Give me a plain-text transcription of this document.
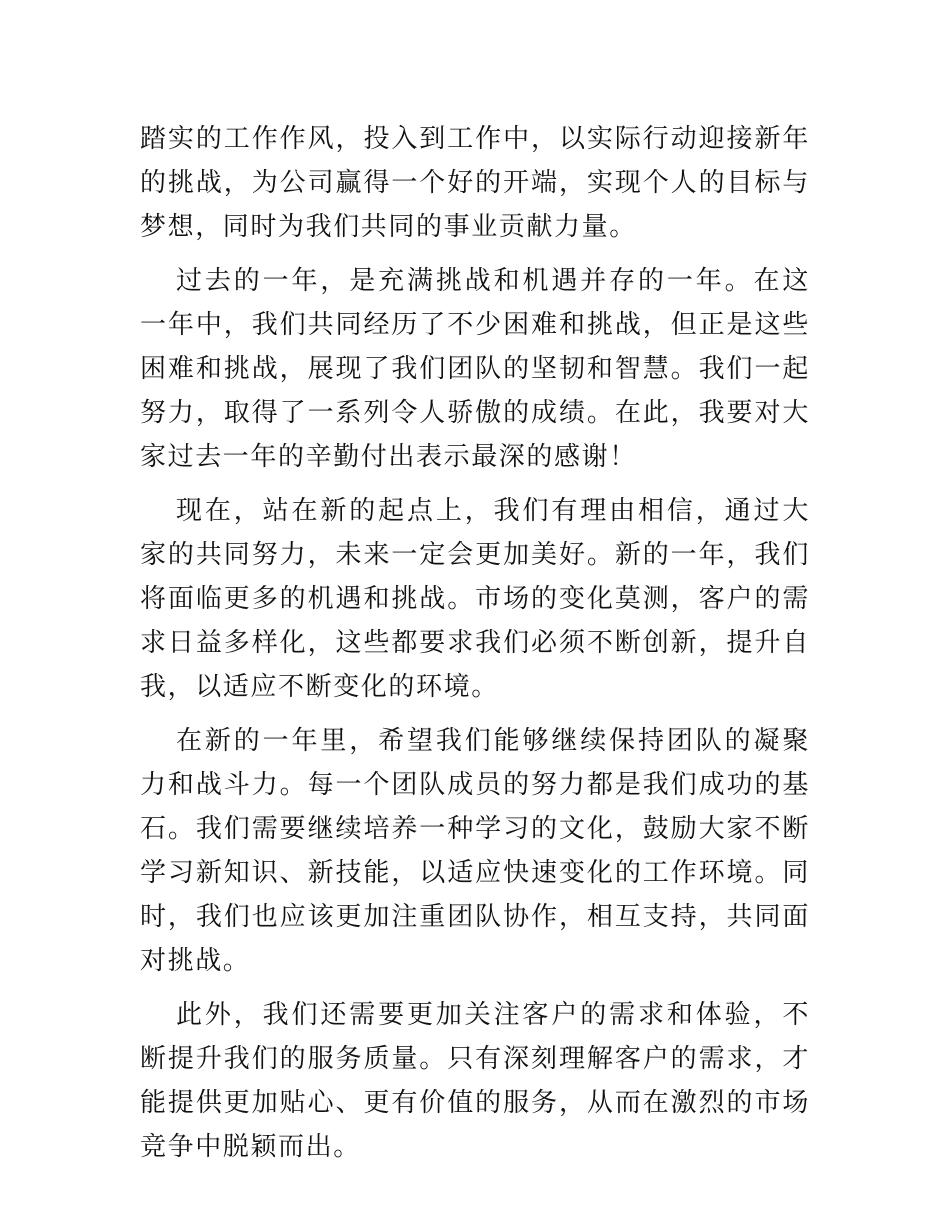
踏实的工作作风，投入到工作中，以实际行动迎接新年的挑战，为公司赢得一个好的开端，实现个人的目标与梦想，同时为我们共同的事业贡献力量。

过去的一年，是充满挑战和机遇并存的一年。在这一年中，我们共同经历了不少困难和挑战，但正是这些困难和挑战，展现了我们团队的坚韧和智慧。我们一起努力，取得了一系列令人骄傲的成绩。在此，我要对大家过去一年的辛勤付出表示最深的感谢！

现在，站在新的起点上，我们有理由相信，通过大家的共同努力，未来一定会更加美好。新的一年，我们将面临更多的机遇和挑战。市场的变化莫测，客户的需求日益多样化，这些都要求我们必须不断创新，提升自我，以适应不断变化的环境。

在新的一年里，希望我们能够继续保持团队的凝聚力和战斗力。每一个团队成员的努力都是我们成功的基石。我们需要继续培养一种学习的文化，鼓励大家不断学习新知识、新技能，以适应快速变化的工作环境。同时，我们也应该更加注重团队协作，相互支持，共同面对挑战。

此外，我们还需要更加关注客户的需求和体验，不断提升我们的服务质量。只有深刻理解客户的需求，才能提供更加贴心、更有价值的服务，从而在激烈的市场竞争中脱颖而出。
